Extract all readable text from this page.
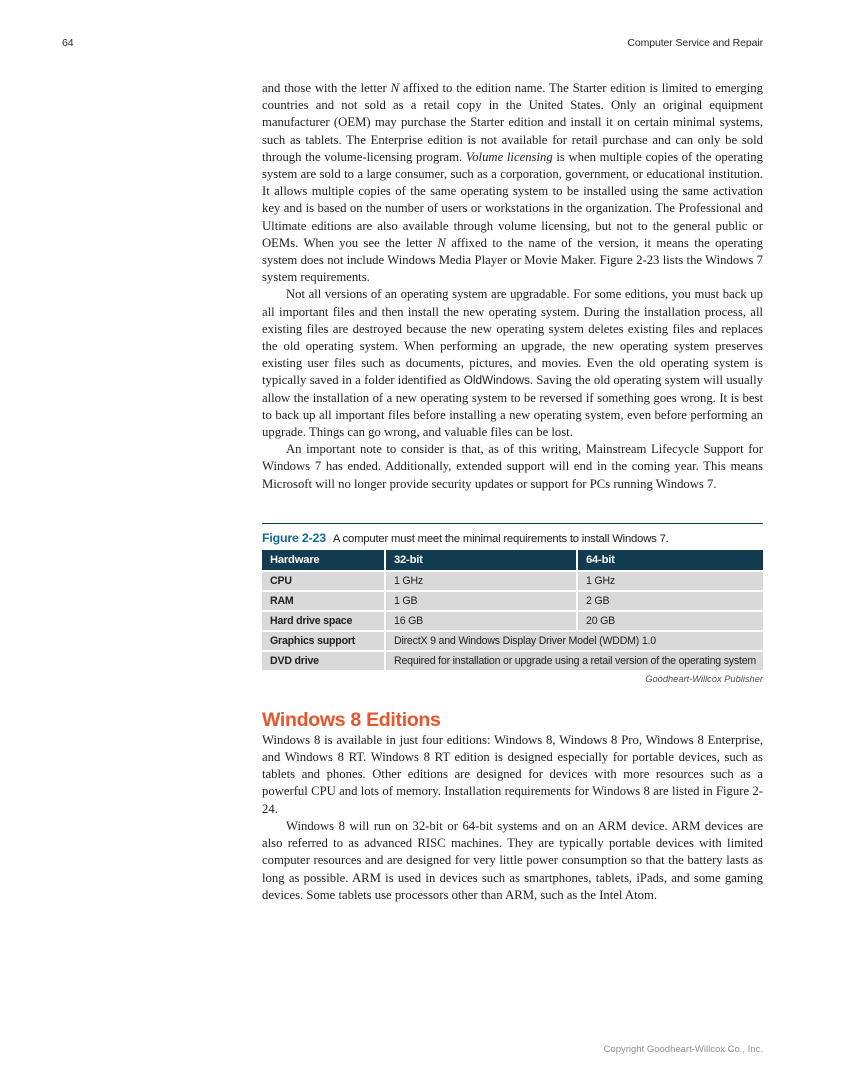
64	Computer Service and Repair

and those with the letter N affixed to the edition name. The Starter edition is limited to emerging countries and not sold as a retail copy in the United States. Only an original equipment manufacturer (OEM) may purchase the Starter edition and install it on certain minimal systems, such as tablets. The Enterprise edition is not available for retail purchase and can only be sold through the volume-licensing program. Volume licensing is when multiple copies of the operating system are sold to a large consumer, such as a corporation, government, or educational institution. It allows multiple copies of the same operating system to be installed using the same activation key and is based on the number of users or workstations in the organization. The Professional and Ultimate editions are also available through volume licensing, but not to the general public or OEMs. When you see the letter N affixed to the name of the version, it means the operating system does not include Windows Media Player or Movie Maker. Figure 2-23 lists the Windows 7 system requirements.

Not all versions of an operating system are upgradable. For some editions, you must back up all important files and then install the new operating system. During the installation process, all existing files are destroyed because the new operating system deletes existing files and replaces the old operating system. When performing an upgrade, the new operating system preserves existing user files such as documents, pictures, and movies. Even the old operating system is typically saved in a folder identified as OldWindows. Saving the old operating system will usually allow the installation of a new operating system to be reversed if something goes wrong. It is best to back up all important files before installing a new operating system, even before performing an upgrade. Things can go wrong, and valuable files can be lost.

An important note to consider is that, as of this writing, Mainstream Lifecycle Support for Windows 7 has ended. Additionally, extended support will end in the coming year. This means Microsoft will no longer provide security updates or support for PCs running Windows 7.

Figure 2-23 A computer must meet the minimal requirements to install Windows 7.
Hardware	32-bit	64-bit
CPU	1 GHz	1 GHz
RAM	1 GB	2 GB
Hard drive space	16 GB	20 GB
Graphics support	DirectX 9 and Windows Display Driver Model (WDDM) 1.0	
DVD drive	Required for installation or upgrade using a retail version of the operating system	
Goodheart-Willcox Publisher
Windows 8 Editions

Windows 8 is available in just four editions: Windows 8, Windows 8 Pro, Windows 8 Enterprise, and Windows 8 RT. Windows 8 RT edition is designed especially for portable devices, such as tablets and phones. Other editions are designed for devices with more resources such as a powerful CPU and lots of memory. Installation requirements for Windows 8 are listed in Figure 2-24.

Windows 8 will run on 32-bit or 64-bit systems and on an ARM device. ARM devices are also referred to as advanced RISC machines. They are typically portable devices with limited computer resources and are designed for very little power consumption so that the battery lasts as long as possible. ARM is used in devices such as smartphones, tablets, iPads, and some gaming devices. Some tablets use processors other than ARM, such as the Intel Atom.

Copyright Goodheart-Willcox Co., Inc.
